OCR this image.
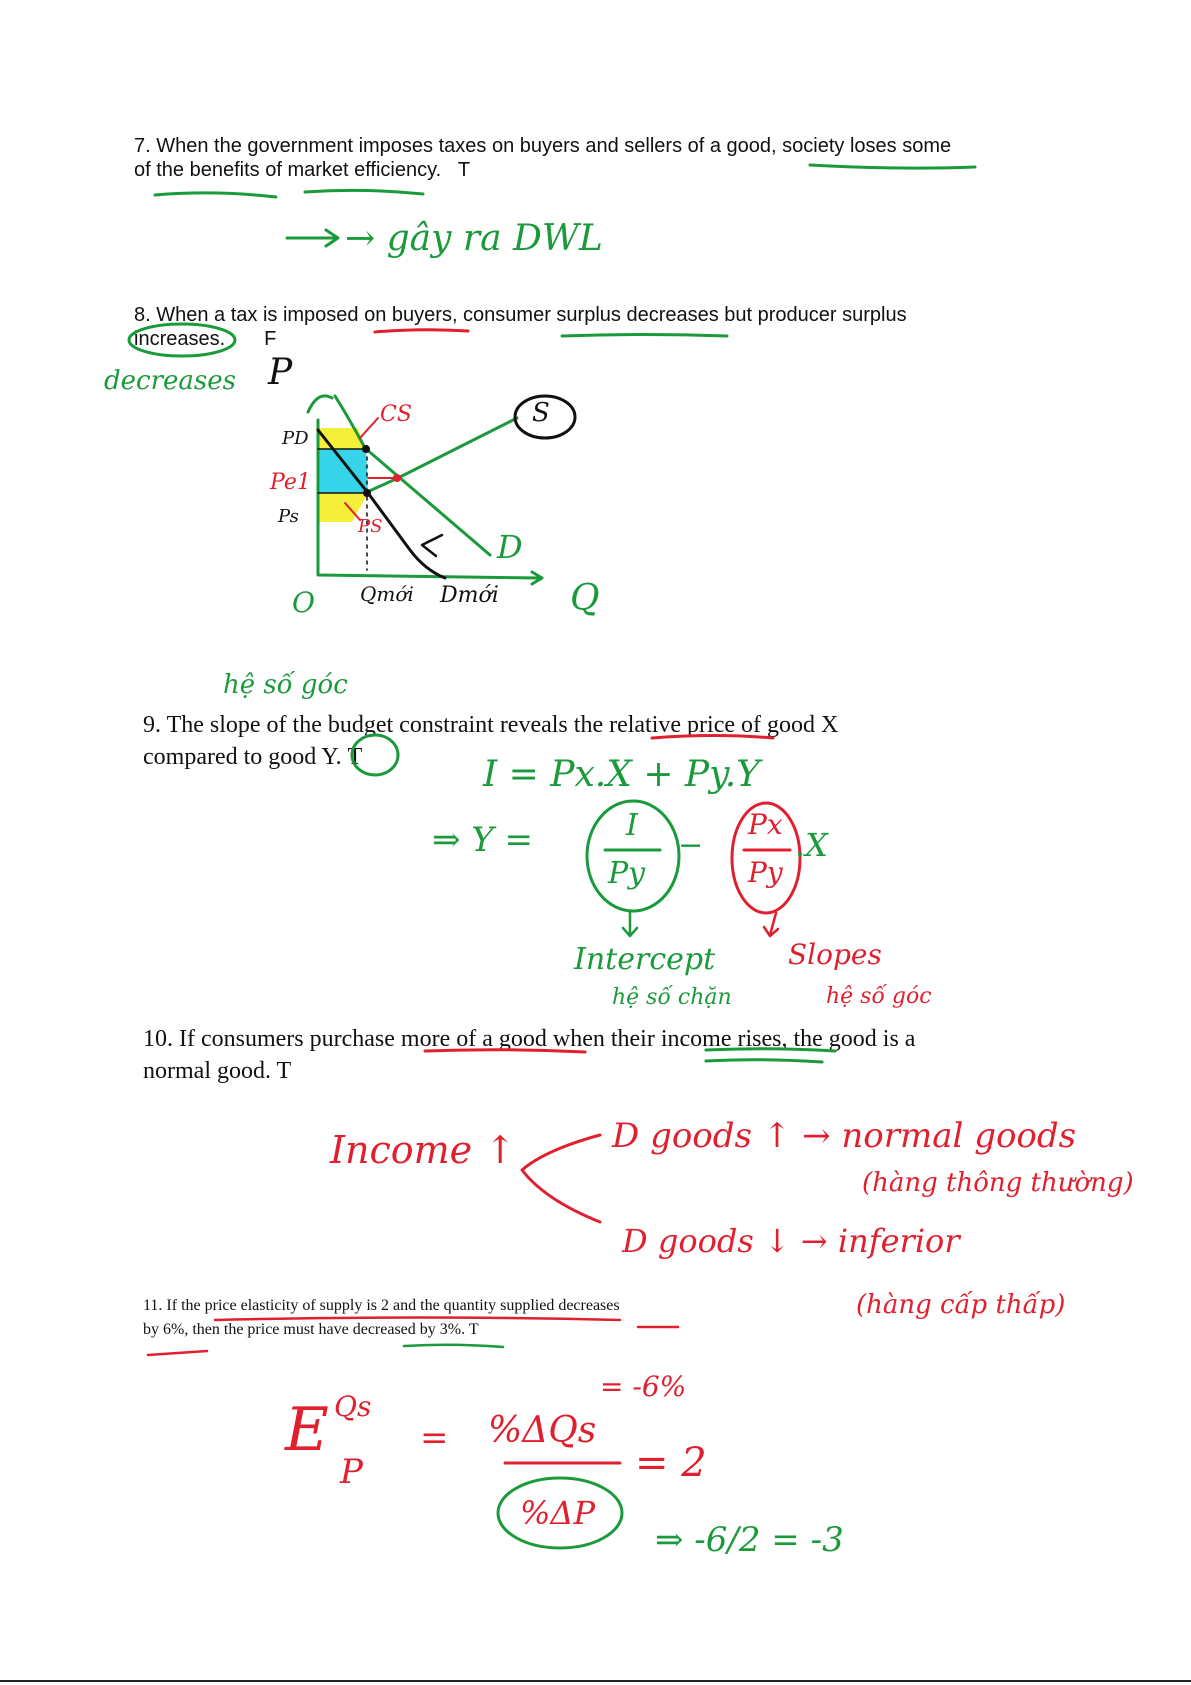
7. When the government imposes taxes on buyers and sellers of a good, society loses some
of the benefits of market efficiency. T
8. When a tax is imposed on buyers, consumer surplus decreases but producer surplus
increases. F
9. The slope of the budget constraint reveals the relative price of good X
compared to good Y. T
10. If consumers purchase more of a good when their income rises, the good is a
normal good. T
11. If the price elasticity of supply is 2 and the quantity supplied decreases
by 6%, then the price must have decreased by 3%. T
→ gây ra DWL
decreases P
PD
Pe1
Ps
CS
PS
S
D
O Qmới Dmới Q
hệ số góc
I = Px.X + Py.Y
⇒ Y =	I
Py
−
Px
Py
.X
Intercept
hệ số chặn
Slopes
hệ số góc
Income ↑	D goods ↑ → normal goods
(hàng thông thường)
D goods ↓ → inferior
(hàng cấp thấp)
E Qs
P
= %ΔQs
= -6%
%ΔP
= 2
⇒ -6/2 = -3
